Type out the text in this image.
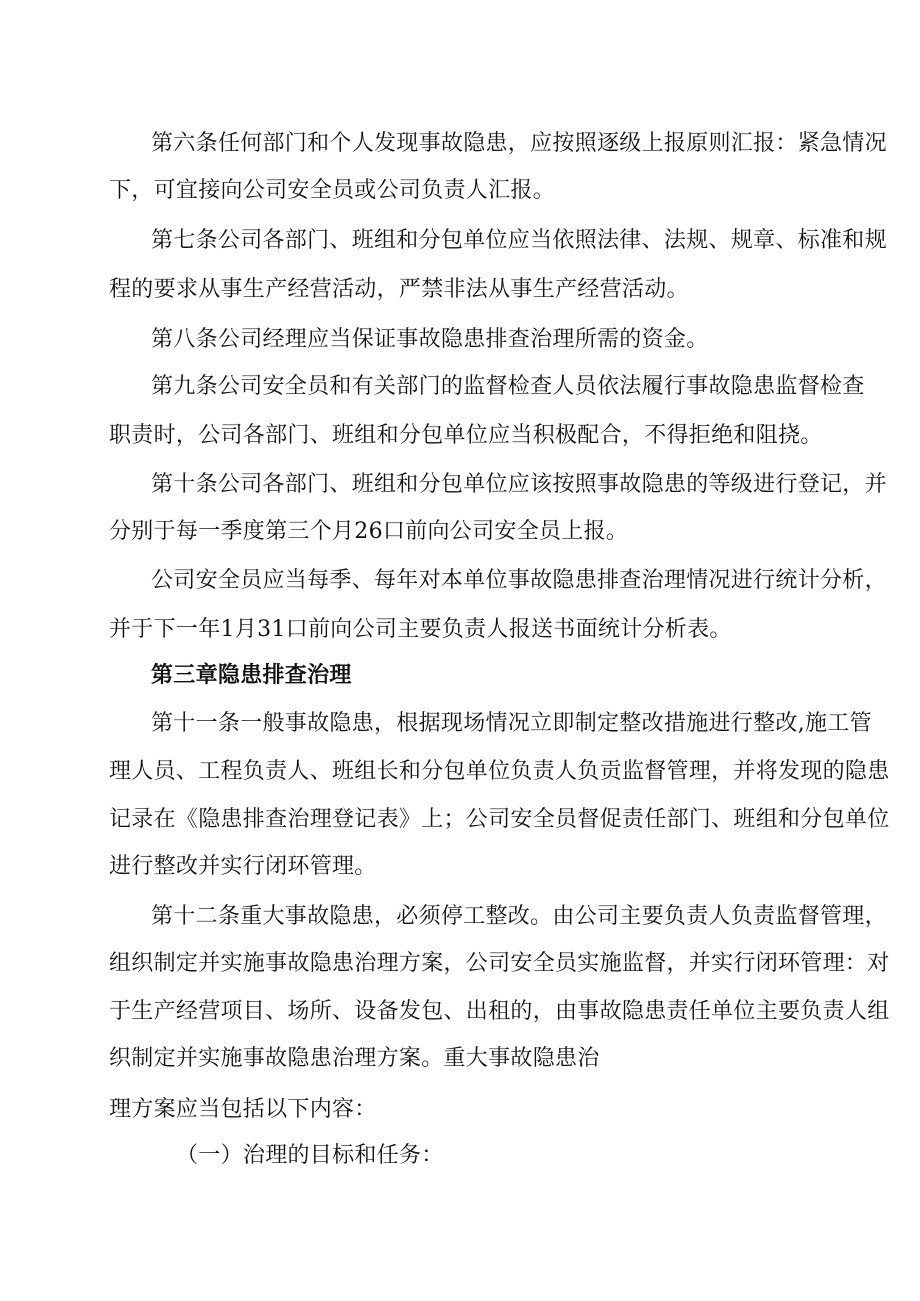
第六条任何部门和个人发现事故隐患，应按照逐级上报原则汇报：紧急情况
下，可宜接向公司安全员或公司负责人汇报。
第七条公司各部门、班组和分包单位应当依照法律、法规、规章、标准和规
程的要求从事生产经营活动，严禁非法从事生产经营活动。
第八条公司经理应当保证事故隐患排查治理所需的资金。
第九条公司安全员和有关部门的监督检查人员依法履行事故隐患监督检查
职责时，公司各部门、班组和分包单位应当积极配合，不得拒绝和阻挠。
第十条公司各部门、班组和分包单位应该按照事故隐患的等级进行登记，并
分别于每一季度第三个月26口前向公司安全员上报。
公司安全员应当每季、每年对本单位事故隐患排查治理情况进行统计分析，
并于下一年1月31口前向公司主要负责人报送书面统计分析表。
第三章隐患排查治理
第十一条一般事故隐患，根据现场情况立即制定整改措施进行整改,施工管
理人员、工程负责人、班组长和分包单位负责人负贡监督管理，并将发现的隐患
记录在《隐患排查治理登记表》上；公司安全员督促责任部门、班组和分包单位
进行整改并实行闭环管理。
第十二条重大事故隐患，必须停工整改。由公司主要负责人负责监督管理，
组织制定并实施事故隐患治理方案，公司安全员实施监督，并实行闭环管理：对
于生产经营项目、场所、设备发包、出租的，由事故隐患责任单位主要负责人组
织制定并实施事故隐患治理方案。重大事故隐患治
理方案应当包括以下内容：
（一）治理的目标和任务：
